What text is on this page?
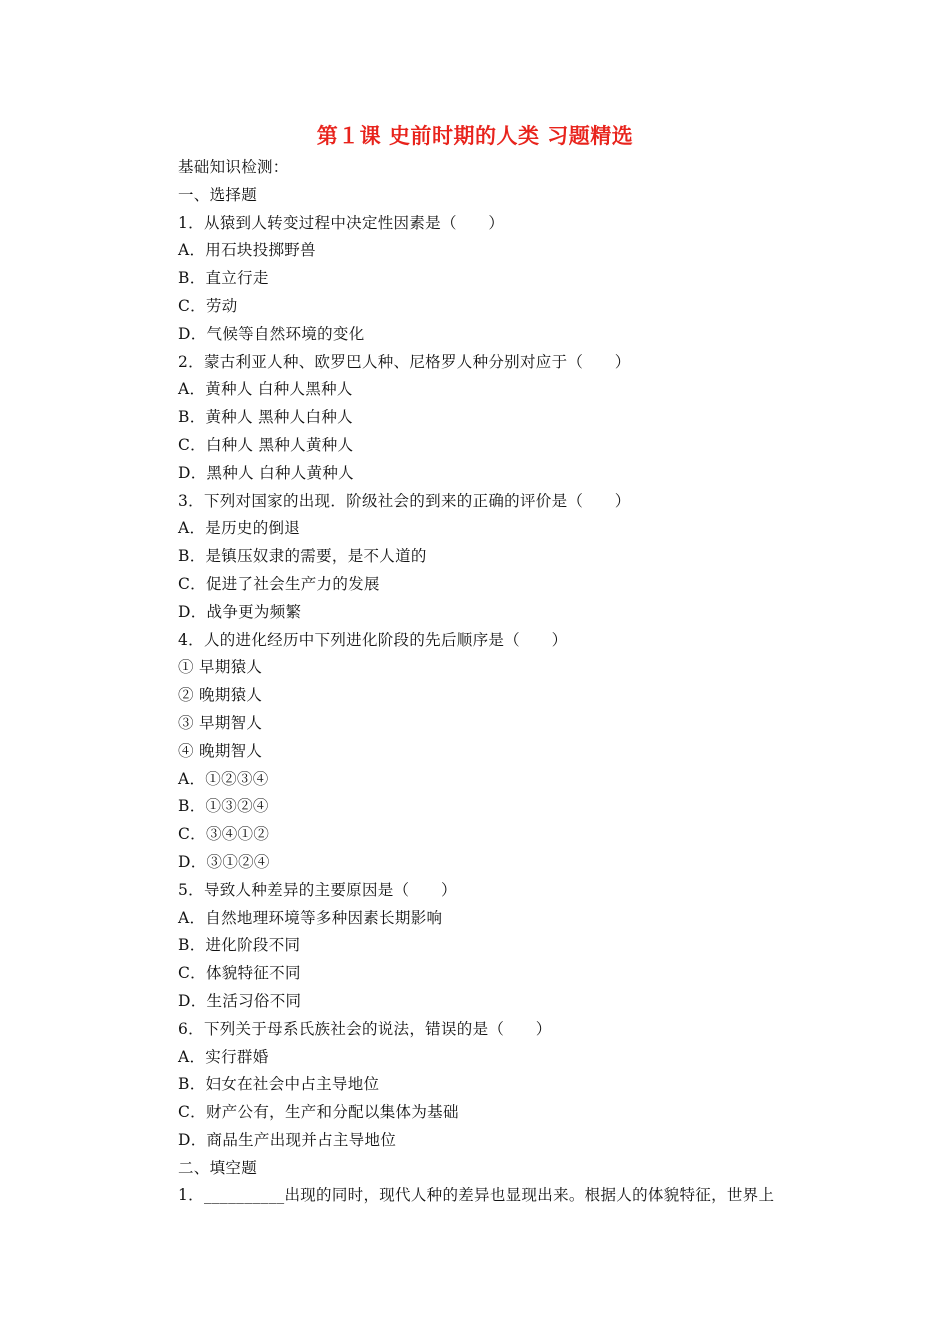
第１课 史前时期的人类 习题精选
基础知识检测：
一、选择题
1．从猿到人转变过程中决定性因素是（　　）
A．用石块投掷野兽
B．直立行走
C．劳动
D．气候等自然环境的变化
2．蒙古利亚人种、欧罗巴人种、尼格罗人种分别对应于（　　）
A．黄种人 白种人黑种人
B．黄种人 黑种人白种人
C．白种人 黑种人黄种人
D．黑种人 白种人黄种人
3．下列对国家的出现．阶级社会的到来的正确的评价是（　　）
A．是历史的倒退
B．是镇压奴隶的需要，是不人道的
C．促进了社会生产力的发展
D．战争更为频繁
4．人的进化经历中下列进化阶段的先后顺序是（　　）
① 早期猿人
② 晚期猿人
③ 早期智人
④ 晚期智人
A．①②③④
B．①③②④
C．③④①②
D．③①②④
5．导致人种差异的主要原因是（　　）
A．自然地理环境等多种因素长期影响
B．进化阶段不同
C．体貌特征不同
D．生活习俗不同
6．下列关于母系氏族社会的说法，错误的是（　　）
A．实行群婚
B．妇女在社会中占主导地位
C．财产公有，生产和分配以集体为基础
D．商品生产出现并占主导地位
二、填空题
1．__________出现的同时，现代人种的差异也显现出来。根据人的体貌特征，世界上
